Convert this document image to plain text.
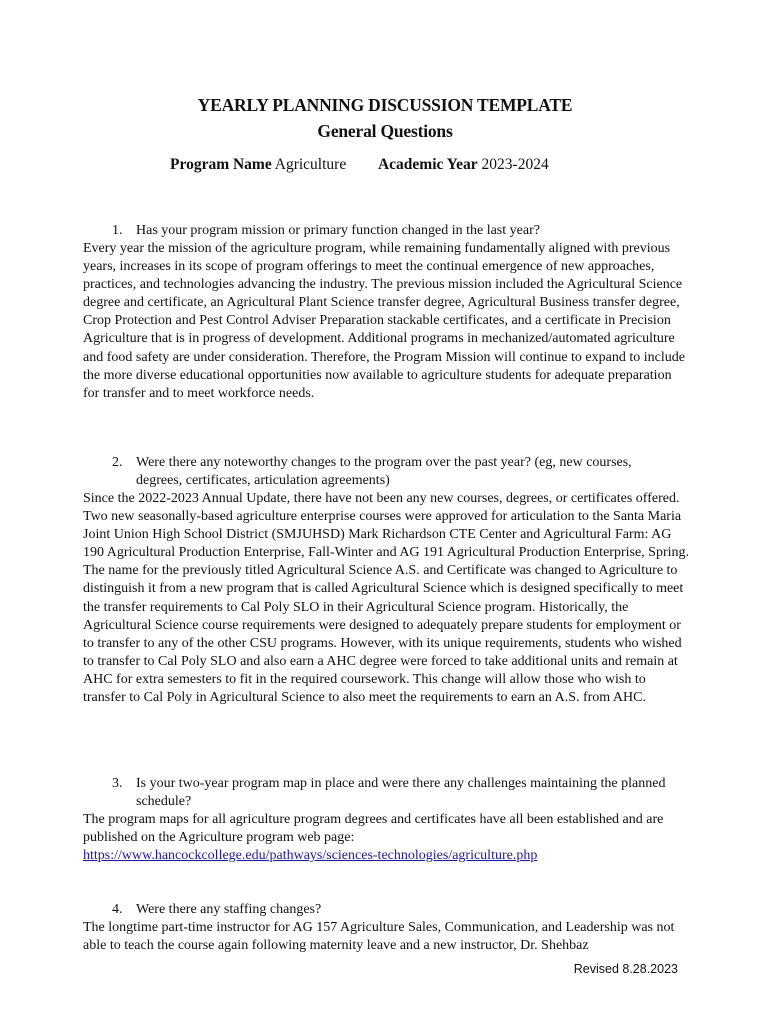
YEARLY PLANNING DISCUSSION TEMPLATE
General Questions
Program Name Agriculture Academic Year 2023-2024
1. Has your program mission or primary function changed in the last year?
Every year the mission of the agriculture program, while remaining fundamentally aligned with previous years, increases in its scope of program offerings to meet the continual emergence of new approaches, practices, and technologies advancing the industry. The previous mission included the Agricultural Science degree and certificate, an Agricultural Plant Science transfer degree, Agricultural Business transfer degree, Crop Protection and Pest Control Adviser Preparation stackable certificates, and a certificate in Precision Agriculture that is in progress of development. Additional programs in mechanized/automated agriculture and food safety are under consideration. Therefore, the Program Mission will continue to expand to include the more diverse educational opportunities now available to agriculture students for adequate preparation for transfer and to meet workforce needs.
2. Were there any noteworthy changes to the program over the past year? (eg, new courses, degrees, certificates, articulation agreements)
Since the 2022-2023 Annual Update, there have not been any new courses, degrees, or certificates offered. Two new seasonally-based agriculture enterprise courses were approved for articulation to the Santa Maria Joint Union High School District (SMJUHSD) Mark Richardson CTE Center and Agricultural Farm: AG 190 Agricultural Production Enterprise, Fall-Winter and AG 191 Agricultural Production Enterprise, Spring. The name for the previously titled Agricultural Science A.S. and Certificate was changed to Agriculture to distinguish it from a new program that is called Agricultural Science which is designed specifically to meet the transfer requirements to Cal Poly SLO in their Agricultural Science program. Historically, the Agricultural Science course requirements were designed to adequately prepare students for employment or to transfer to any of the other CSU programs. However, with its unique requirements, students who wished to transfer to Cal Poly SLO and also earn a AHC degree were forced to take additional units and remain at AHC for extra semesters to fit in the required coursework. This change will allow those who wish to transfer to Cal Poly in Agricultural Science to also meet the requirements to earn an A.S. from AHC.
3. Is your two-year program map in place and were there any challenges maintaining the planned schedule?
The program maps for all agriculture program degrees and certificates have all been established and are published on the Agriculture program web page:
https://www.hancockcollege.edu/pathways/sciences-technologies/agriculture.php
4. Were there any staffing changes?
The longtime part-time instructor for AG 157 Agriculture Sales, Communication, and Leadership was not able to teach the course again following maternity leave and a new instructor, Dr. Shehbaz
Revised 8.28.2023
